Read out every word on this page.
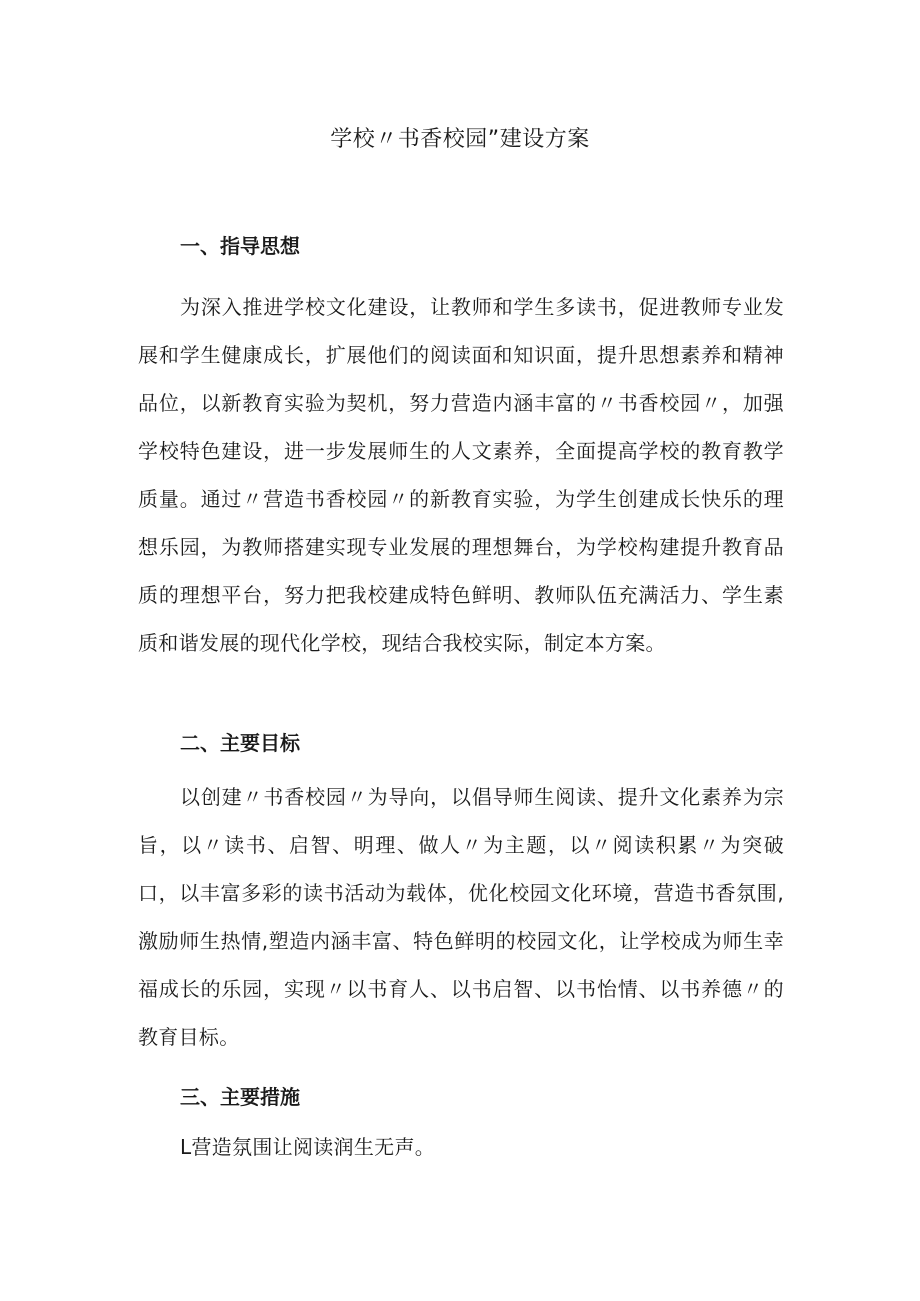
学校〃书香校园”建设方案
一、指导思想

为深入推进学校文化建设，让教师和学生多读书，促进教师专业发展和学生健康成长，扩展他们的阅读面和知识面，提升思想素养和精神品位，以新教育实验为契机，努力营造内涵丰富的〃书香校园〃，加强学校特色建设，进一步发展师生的人文素养，全面提高学校的教育教学质量。通过〃营造书香校园〃的新教育实验，为学生创建成长快乐的理想乐园，为教师搭建实现专业发展的理想舞台，为学校构建提升教育品质的理想平台，努力把我校建成特色鲜明、教师队伍充满活力、学生素质和谐发展的现代化学校，现结合我校实际，制定本方案。

二、主要目标

以创建〃书香校园〃为导向，以倡导师生阅读、提升文化素养为宗旨，以〃读书、启智、明理、做人〃为主题，以〃阅读积累〃为突破口，以丰富多彩的读书活动为载体，优化校园文化环境，营造书香氛围,激励师生热情,塑造内涵丰富、特色鲜明的校园文化，让学校成为师生幸福成长的乐园，实现〃以书育人、以书启智、以书怡情、以书养德〃的教育目标。

三、主要措施

L营造氛围让阅读润生无声。
